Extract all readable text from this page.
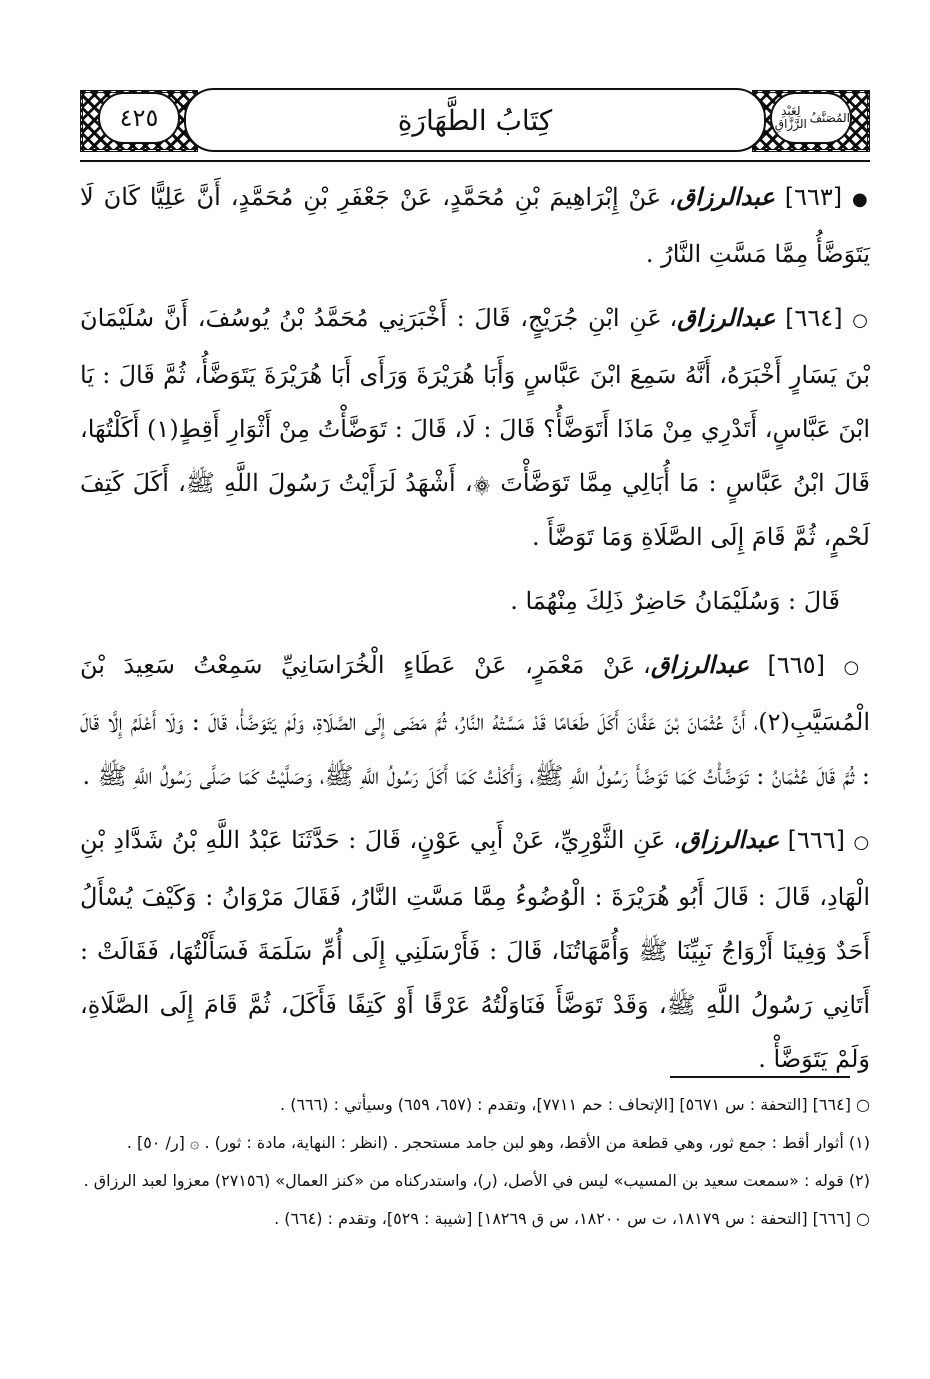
٤٢٥	المُصَنَّفُ
لِعَبْدِ الرَّزَّاقِ
كِتَابُ الطَّهَارَةِ

● [٦٦٣] عبدالرزاق، عَنْ إِبْرَاهِيمَ بْنِ مُحَمَّدٍ، عَنْ جَعْفَرِ بْنِ مُحَمَّدٍ، أَنَّ عَلِيًّا كَانَ لَا يَتَوَضَّأُ مِمَّا مَسَّتِ النَّارُ .

○ [٦٦٤] عبدالرزاق، عَنِ ابْنِ جُرَيْجٍ، قَالَ : أَخْبَرَنِي مُحَمَّدُ بْنُ يُوسُفَ، أَنَّ سُلَيْمَانَ بْنَ يَسَارٍ أَخْبَرَهُ، أَنَّهُ سَمِعَ ابْنَ عَبَّاسٍ وَأَبَا هُرَيْرَةَ وَرَأَى أَبَا هُرَيْرَةَ يَتَوَضَّأُ، ثُمَّ قَالَ : يَا ابْنَ عَبَّاسٍ، أَتَدْرِي مِنْ مَاذَا أَتَوَضَّأُ؟ قَالَ : لَا، قَالَ : تَوَضَّأْتُ مِنْ أَثْوَارِ أَقِطٍ(١) أَكَلْتُهَا، قَالَ ابْنُ عَبَّاسٍ : مَا أُبَالِي مِمَّا تَوَضَّأْتَ ۞، أَشْهَدُ لَرَأَيْتُ رَسُولَ اللَّهِ ﷺ، أَكَلَ كَتِفَ لَحْمٍ، ثُمَّ قَامَ إِلَى الصَّلَاةِ وَمَا تَوَضَّأَ .

قَالَ : وَسُلَيْمَانُ حَاضِرٌ ذَلِكَ مِنْهُمَا .

○ [٦٦٥] عبدالرزاق، عَنْ مَعْمَرٍ، عَنْ عَطَاءٍ الْخُرَاسَانِيِّ سَمِعْتُ سَعِيدَ بْنَ الْمُسَيَّبِ(٢)، أَنَّ عُثْمَانَ بْنَ عَفَّانَ أَكَلَ طَعَامًا قَدْ مَسَّتْهُ النَّارُ، ثُمَّ مَضَى إِلَى الصَّلَاةِ، وَلَمْ يَتَوَضَّأْ، قَالَ : وَلَا أَعْلَمُ إِلَّا قَالَ : ثُمَّ قَالَ عُثْمَانُ : تَوَضَّأْتُ كَمَا تَوَضَّأَ رَسُولُ اللَّهِ ﷺ، وَأَكَلْتُ كَمَا أَكَلَ رَسُولُ اللَّهِ ﷺ، وَصَلَّيْتُ كَمَا صَلَّى رَسُولُ اللَّهِ ﷺ .

○ [٦٦٦] عبدالرزاق، عَنِ الثَّوْرِيِّ، عَنْ أَبِي عَوْنٍ، قَالَ : حَدَّثَنَا عَبْدُ اللَّهِ بْنُ شَدَّادِ بْنِ الْهَادِ، قَالَ : قَالَ أَبُو هُرَيْرَةَ : الْوُضُوءُ مِمَّا مَسَّتِ النَّارُ، فَقَالَ مَرْوَانُ : وَكَيْفَ يُسْأَلُ أَحَدٌ وَفِينَا أَزْوَاجُ نَبِيِّنَا ﷺ وَأُمَّهَاتُنَا، قَالَ : فَأَرْسَلَنِي إِلَى أُمِّ سَلَمَةَ فَسَأَلْتُهَا، فَقَالَتْ : أَتَانِي رَسُولُ اللَّهِ ﷺ، وَقَدْ تَوَضَّأَ فَنَاوَلْتُهُ عَرْقًا أَوْ كَتِفًا فَأَكَلَ، ثُمَّ قَامَ إِلَى الصَّلَاةِ، وَلَمْ يَتَوَضَّأْ .

○ [٦٦٤] [التحفة : س ٥٦٧١] [الإتحاف : حم ٧٧١١]، وتقدم : (٦٥٧، ٦٥٩) وسيأتي : (٦٦٦) .

(١) أثوار أقط : جمع ثور، وهي قطعة من الأقط، وهو لبن جامد مستحجر . (انظر : النهاية، مادة : ثور) . ۞ [ر/ ٥٠] .

(٢) قوله : «سمعت سعيد بن المسيب» ليس في الأصل، (ر)، واستدركناه من «كنز العمال» (٢٧١٥٦) معزوا لعبد الرزاق .

○ [٦٦٦] [التحفة : س ١٨١٧٩، ت س ١٨٢٠٠، س ق ١٨٢٦٩] [شيبة : ٥٢٩]، وتقدم : (٦٦٤) .
